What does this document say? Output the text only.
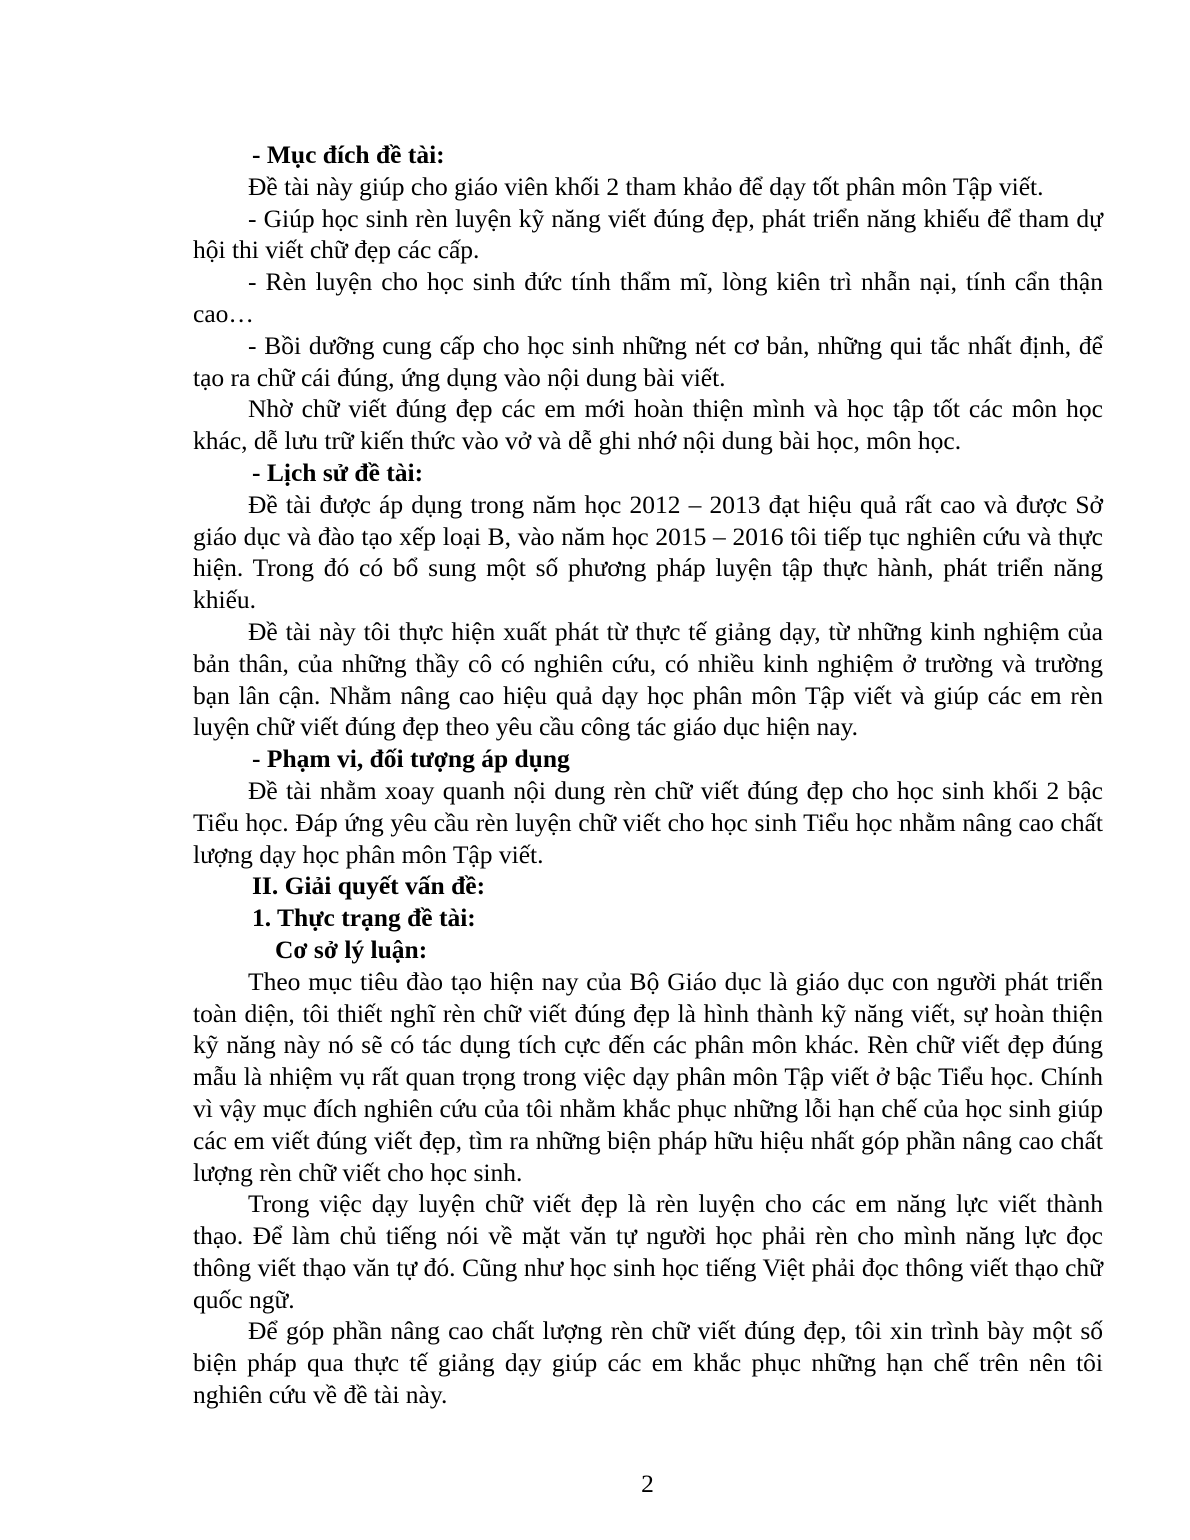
- Mục đích đề tài:

Đề tài này giúp cho giáo viên khối 2 tham khảo để dạy tốt phân môn Tập viết.

- Giúp học sinh rèn luyện kỹ năng viết đúng đẹp, phát triển năng khiếu để tham dự hội thi viết chữ đẹp các cấp.

- Rèn luyện cho học sinh đức tính thẩm mĩ, lòng kiên trì nhẫn nại, tính cẩn thận cao…

- Bồi dưỡng cung cấp cho học sinh những nét cơ bản, những qui tắc nhất định, để tạo ra chữ cái đúng, ứng dụng vào nội dung bài viết.

Nhờ chữ viết đúng đẹp các em mới hoàn thiện mình và học tập tốt các môn học khác, dễ lưu trữ kiến thức vào vở và dễ ghi nhớ nội dung bài học, môn học.

- Lịch sử đề tài:

Đề tài được áp dụng trong năm học 2012 – 2013 đạt hiệu quả rất cao và được Sở giáo dục và đào tạo xếp loại B, vào năm học 2015 – 2016 tôi tiếp tục nghiên cứu và thực hiện. Trong đó có bổ sung một số phương pháp luyện tập thực hành, phát triển năng khiếu.

Đề tài này tôi thực hiện xuất phát từ thực tế giảng dạy, từ những kinh nghiệm của bản thân, của những thầy cô có nghiên cứu, có nhiều kinh nghiệm ở trường và trường bạn lân cận. Nhằm nâng cao hiệu quả dạy học phân môn Tập viết và giúp các em rèn luyện chữ viết đúng đẹp theo yêu cầu công tác giáo dục hiện nay.

- Phạm vi, đối tượng áp dụng

Đề tài nhằm xoay quanh nội dung rèn chữ viết đúng đẹp cho học sinh khối 2 bậc Tiểu học. Đáp ứng yêu cầu rèn luyện chữ viết cho học sinh Tiểu học nhằm nâng cao chất lượng dạy học phân môn Tập viết.

II. Giải quyết vấn đề:

1. Thực trạng đề tài:

Cơ sở lý luận:

Theo mục tiêu đào tạo hiện nay của Bộ Giáo dục là giáo dục con người phát triển toàn diện, tôi thiết nghĩ rèn chữ viết đúng đẹp là hình thành kỹ năng viết, sự hoàn thiện kỹ năng này nó sẽ có tác dụng tích cực đến các phân môn khác. Rèn chữ viết đẹp đúng mẫu là nhiệm vụ rất quan trọng trong việc dạy phân môn Tập viết ở bậc Tiểu học. Chính vì vậy mục đích nghiên cứu của tôi nhằm khắc phục những lỗi hạn chế của học sinh giúp các em viết đúng viết đẹp, tìm ra những biện pháp hữu hiệu nhất góp phần nâng cao chất lượng rèn chữ viết cho học sinh.

Trong việc dạy luyện chữ viết đẹp là rèn luyện cho các em năng lực viết thành thạo. Để làm chủ tiếng nói về mặt văn tự người học phải rèn cho mình năng lực đọc thông viết thạo văn tự đó. Cũng như học sinh học tiếng Việt phải đọc thông viết thạo chữ quốc ngữ.

Để góp phần nâng cao chất lượng rèn chữ viết đúng đẹp, tôi xin trình bày một số biện pháp qua thực tế giảng dạy giúp các em khắc phục những hạn chế trên nên tôi nghiên cứu về đề tài này.

2
